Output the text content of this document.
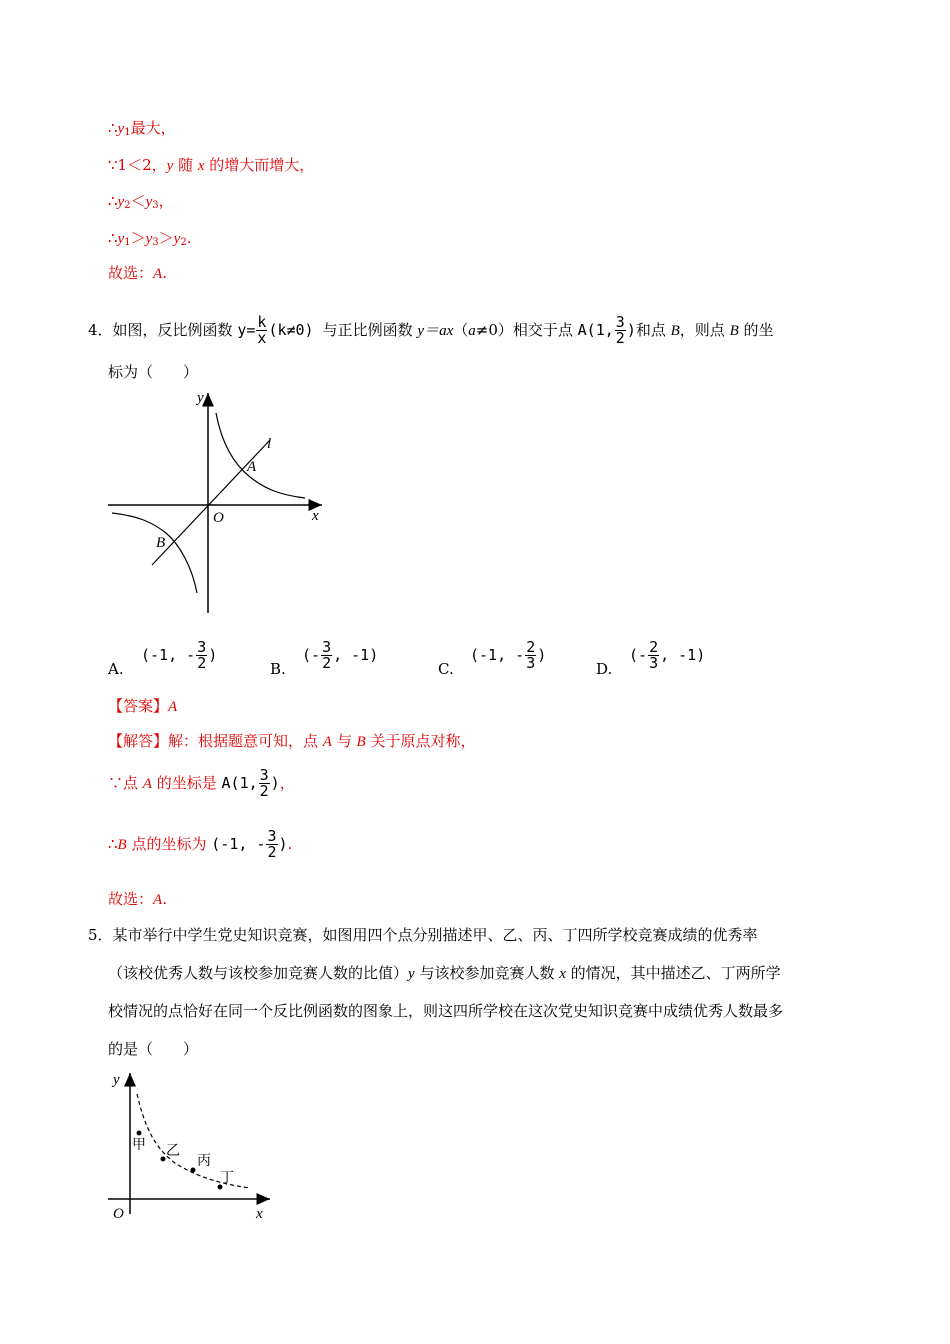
$\therefore y_1$最大，
∵1＜2，y 随 x 的增大而增大，
$\therefore y_2<y_3$，
$\therefore y_1>y_3>y_2$.
故选：A.
4．如图，反比例函数 $y= \frac{k}{x} (k\ne 0)$ 与正比例函数 y＝ax（a≠0）相交于点 A(1, $\frac{3}{2}$ )和点 B，则点 B 的坐
标为（　　）
y
l
A
O	x
B
A.
(-1, - $\frac{3}{2}$ )
B.
(- $\frac{3}{2}$ , -1)
C.
(-1, - $\frac{2}{3}$ )
D.
(- $\frac{2}{3}$ , -1)
【答案】A
【解答】解：根据题意可知，点 A 与 B 关于原点对称，
∵点 A 的坐标是 A(1, $\frac{3}{2}$ )，
∴B 点的坐标为 (-1, - $\frac{3}{2}$ ).
故选：A.
5．某市举行中学生党史知识竞赛，如图用四个点分别描述甲、乙、丙、丁四所学校竞赛成绩的优秀率
（该校优秀人数与该校参加竞赛人数的比值）y 与该校参加竞赛人数 x 的情况，其中描述乙、丁两所学
校情况的点恰好在同一个反比例函数的图象上，则这四所学校在这次党史知识竞赛中成绩优秀人数最多
的是（　　）
y
O	x
甲 乙
丙
丁
